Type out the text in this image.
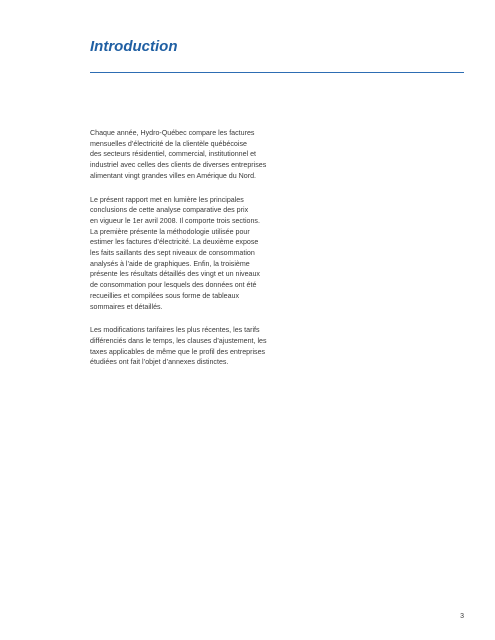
Introduction

Chaque année, Hydro-Québec compare les factures
mensuelles d’électricité de la clientèle québécoise
des secteurs résidentiel, commercial, institutionnel et
industriel avec celles des clients de diverses entreprises
alimentant vingt grandes villes en Amérique du Nord.

Le présent rapport met en lumière les principales
conclusions de cette analyse comparative des prix
en vigueur le 1er avril 2008. Il comporte trois sections.
La première présente la méthodologie utilisée pour
estimer les factures d’électricité. La deuxième expose
les faits saillants des sept niveaux de consommation
analysés à l’aide de graphiques. Enfin, la troisième
présente les résultats détaillés des vingt et un niveaux
de consommation pour lesquels des données ont été
recueillies et compilées sous forme de tableaux
sommaires et détaillés.

Les modifications tarifaires les plus récentes, les tarifs
différenciés dans le temps, les clauses d’ajustement, les
taxes applicables de même que le profil des entreprises
étudiées ont fait l’objet d’annexes distinctes.

3
